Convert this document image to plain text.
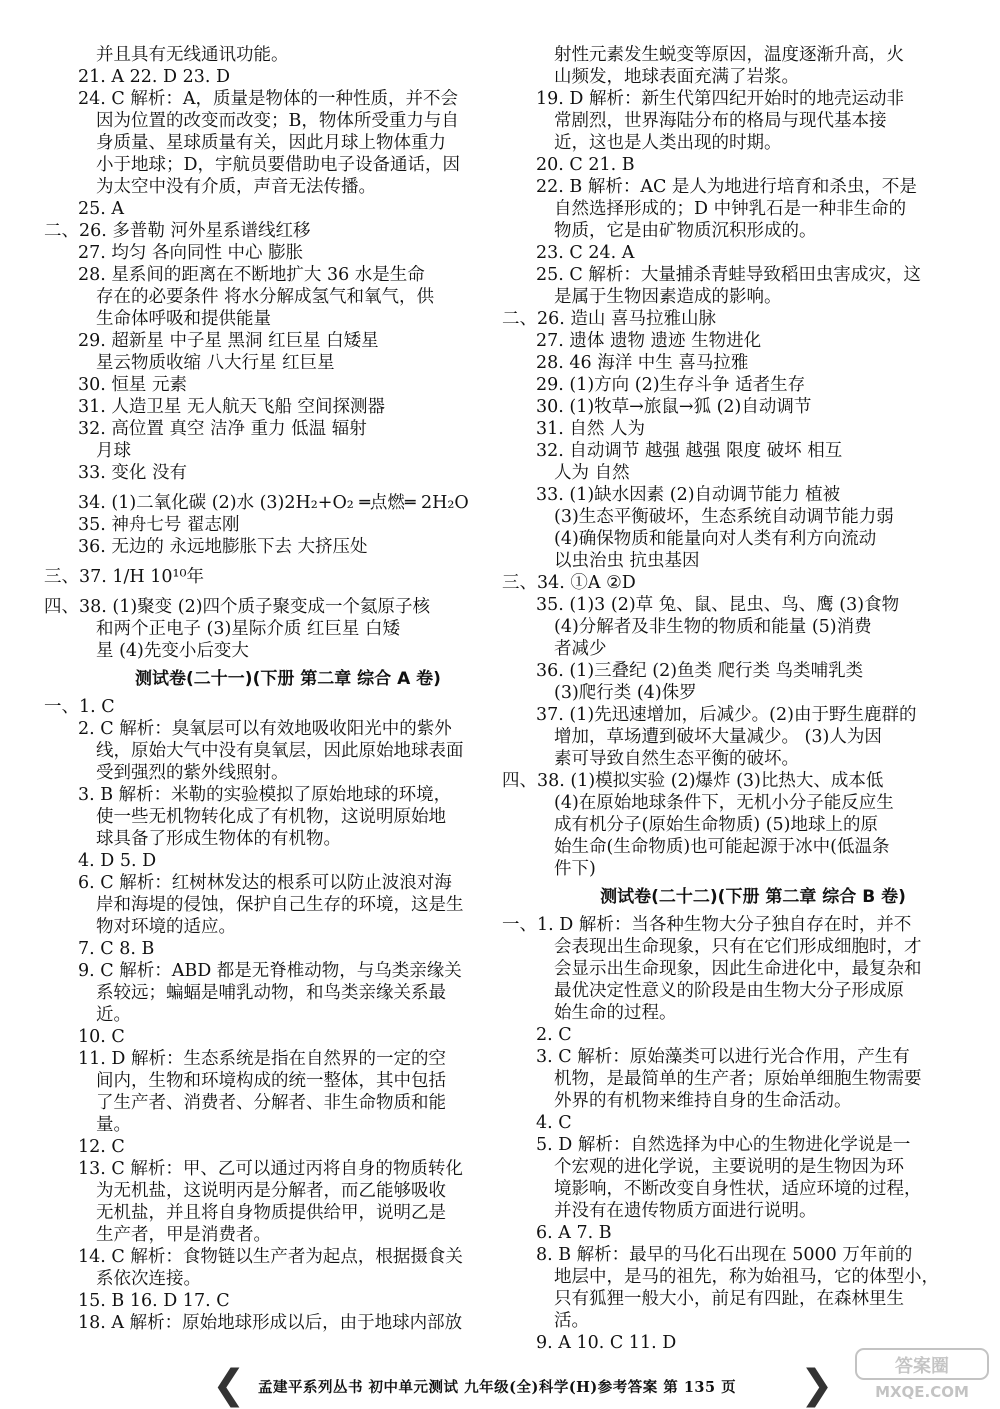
并且具有无线通讯功能。
21. A 22. D 23. D
24. C 解析：A，质量是物体的一种性质，并不会
因为位置的改变而改变；B，物体所受重力与自
身质量、星球质量有关，因此月球上物体重力
小于地球；D，宇航员要借助电子设备通话，因
为太空中没有介质，声音无法传播。
25. A
二、26. 多普勒 河外星系谱线红移
27. 均匀 各向同性 中心 膨胀
28. 星系间的距离在不断地扩大 36 水是生命
存在的必要条件 将水分解成氢气和氧气，供
生命体呼吸和提供能量
29. 超新星 中子星 黑洞 红巨星 白矮星
星云物质收缩 八大行星 红巨星
30. 恒星 元素
31. 人造卫星 无人航天飞船 空间探测器
32. 高位置 真空 洁净 重力 低温 辐射
月球
33. 变化 没有
34. (1)二氧化碳 (2)水 (3)2H₂+O₂ ═点燃═ 2H₂O
35. 神舟七号 翟志刚
36. 无边的 永远地膨胀下去 大挤压处
三、37. 1/H 10¹⁰年
四、38. (1)聚变 (2)四个质子聚变成一个氦原子核
和两个正电子 (3)星际介质 红巨星 白矮
星 (4)先变小后变大
测试卷(二十一)(下册 第二章 综合 A 卷)
一、1. C
2. C 解析：臭氧层可以有效地吸收阳光中的紫外
线，原始大气中没有臭氧层，因此原始地球表面
受到强烈的紫外线照射。
3. B 解析：米勒的实验模拟了原始地球的环境，
使一些无机物转化成了有机物，这说明原始地
球具备了形成生物体的有机物。
4. D 5. D
6. C 解析：红树林发达的根系可以防止波浪对海
岸和海堤的侵蚀，保护自己生存的环境，这是生
物对环境的适应。
7. C 8. B
9. C 解析：ABD 都是无脊椎动物，与乌类亲缘关
系较远；蝙蝠是哺乳动物，和鸟类亲缘关系最
近。
10. C
11. D 解析：生态系统是指在自然界的一定的空
间内，生物和环境构成的统一整体，其中包括
了生产者、消费者、分解者、非生命物质和能
量。
12. C
13. C 解析：甲、乙可以通过丙将自身的物质转化
为无机盐，这说明丙是分解者，而乙能够吸收
无机盐，并且将自身物质提供给甲，说明乙是
生产者，甲是消费者。
14. C 解析：食物链以生产者为起点，根据摄食关
系依次连接。
15. B 16. D 17. C
18. A 解析：原始地球形成以后，由于地球内部放
射性元素发生蜕变等原因，温度逐渐升高，火
山频发，地球表面充满了岩浆。
19. D 解析：新生代第四纪开始时的地壳运动非
常剧烈，世界海陆分布的格局与现代基本接
近，这也是人类出现的时期。
20. C 21. B
22. B 解析：AC 是人为地进行培育和杀虫，不是
自然选择形成的；D 中钟乳石是一种非生命的
物质，它是由矿物质沉积形成的。
23. C 24. A
25. C 解析：大量捕杀青蛙导致稻田虫害成灾，这
是属于生物因素造成的影响。
二、26. 造山 喜马拉雅山脉
27. 遗体 遗物 遗迹 生物进化
28. 46 海洋 中生 喜马拉雅
29. (1)方向 (2)生存斗争 适者生存
30. (1)牧草→旅鼠→狐 (2)自动调节
31. 自然 人为
32. 自动调节 越强 越强 限度 破坏 相互
人为 自然
33. (1)缺水因素 (2)自动调节能力 植被
(3)生态平衡破坏，生态系统自动调节能力弱
(4)确保物质和能量向对人类有利方向流动
以虫治虫 抗虫基因
三、34. ①A ②D
35. (1)3 (2)草 兔、鼠、昆虫、鸟、鹰 (3)食物
(4)分解者及非生物的物质和能量 (5)消费
者减少
36. (1)三叠纪 (2)鱼类 爬行类 鸟类哺乳类
(3)爬行类 (4)侏罗
37. (1)先迅速增加，后减少。(2)由于野生鹿群的
增加，草场遭到破坏大量减少。 (3)人为因
素可导致自然生态平衡的破坏。
四、38. (1)模拟实验 (2)爆炸 (3)比热大、成本低
(4)在原始地球条件下，无机小分子能反应生
成有机分子(原始生命物质) (5)地球上的原
始生命(生命物质)也可能起源于冰中(低温条
件下)
测试卷(二十二)(下册 第二章 综合 B 卷)
一、1. D 解析：当各种生物大分子独自存在时，并不
会表现出生命现象，只有在它们形成细胞时，才
会显示出生命现象，因此生命进化中，最复杂和
最优决定性意义的阶段是由生物大分子形成原
始生命的过程。
2. C
3. C 解析：原始藻类可以进行光合作用，产生有
机物，是最简单的生产者；原始单细胞生物需要
外界的有机物来维持自身的生命活动。
4. C
5. D 解析：自然选择为中心的生物进化学说是一
个宏观的进化学说，主要说明的是生物因为环
境影响，不断改变自身性状，适应环境的过程，
并没有在遗传物质方面进行说明。
6. A 7. B
8. B 解析：最早的马化石出现在 5000 万年前的
地层中，是马的祖先，称为始祖马，它的体型小，
只有狐狸一般大小，前足有四趾，在森林里生
活。
9. A 10. C 11. D
❮ 孟建平系列丛书 初中单元测试 九年级(全)科学(H)参考答案 第 135 页	❯	答案圈
MXQE.COM
